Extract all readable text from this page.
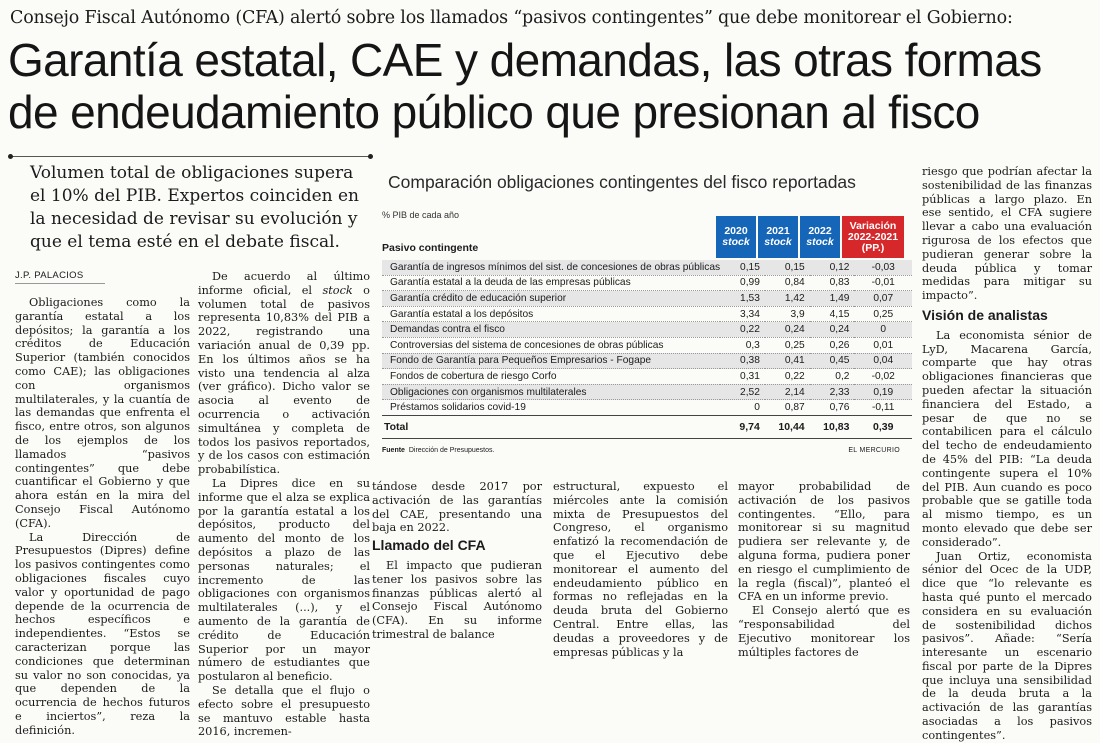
Consejo Fiscal Autónomo (CFA) alertó sobre los llamados “pasivos contingentes” que debe monitorear el Gobierno:
Garantía estatal, CAE y demandas, las otras formas
de endeudamiento público que presionan al fisco
Volumen total de obligaciones supera el 10% del PIB. Expertos coinciden en la necesidad de revisar su evolución y que el tema esté en el debate fiscal.
J.P. PALACIOS

Obligaciones como la garantía estatal a los depósitos; la garantía a los créditos de Educación Superior (también conocidos como CAE); las obligaciones con organismos multilaterales, y la cuantía de las demandas que enfrenta el fisco, entre otros, son algunos de los ejemplos de los llamados “pasivos contingentes” que debe cuantificar el Gobierno y que ahora están en la mira del Consejo Fiscal Autónomo (CFA).

La Dirección de Presupuestos (Dipres) define los pasivos contingentes como obligaciones fiscales cuyo valor y oportunidad de pago depende de la ocurrencia de hechos específicos e independientes. “Estos se caracterizan porque las condiciones que determinan su valor no son conocidas, ya que dependen de la ocurrencia de hechos futuros e inciertos”, reza la definición.

De acuerdo al último informe oficial, el stock o volumen total de pasivos representa 10,83% del PIB a 2022, registrando una variación anual de 0,39 pp. En los últimos años se ha visto una tendencia al alza (ver gráfico). Dicho valor se asocia al evento de ocurrencia o activación simultánea y completa de todos los pasivos reportados, y de los casos con estimación probabilística.

La Dipres dice en su informe que el alza se explica por la garantía estatal a los depósitos, producto del aumento del monto de los depósitos a plazo de las personas naturales; el incremento de las obligaciones con organismos multilaterales (...), y el aumento de la garantía de crédito de Educación Superior por un mayor número de estudiantes que postularon al beneficio.

Se detalla que el flujo o efecto sobre el presupuesto se mantuvo estable hasta 2016, incremen-

Comparación obligaciones contingentes del fisco reportadas
% PIB de cada año
Pasivo contingente
2020
stock
2021
stock
2022
stock
Variación 2022-2021
(PP.)
Garantía de ingresos mínimos del sist. de concesiones de obras públicas	0,15	0,15	0,12	-0,03
Garantía estatal a la deuda de las empresas públicas	0,99	0,84	0,83	-0,01
Garantía crédito de educación superior	1,53	1,42	1,49	0,07
Garantía estatal a los depósitos	3,34	3,9	4,15	0,25
Demandas contra el fisco	0,22	0,24	0,24	0
Controversias del sistema de concesiones de obras públicas	0,3	0,25	0,26	0,01
Fondo de Garantía para Pequeños Empresarios - Fogape	0,38	0,41	0,45	0,04
Fondos de cobertura de riesgo Corfo	0,31	0,22	0,2	-0,02
Obligaciones con organismos multilaterales	2,52	2,14	2,33	0,19
Préstamos solidarios covid-19	0	0,87	0,76	-0,11
Total	9,74	10,44	10,83	0,39
Fuente Dirección de Presupuestos.	EL MERCURIO

tándose desde 2017 por activación de las garantías del CAE, presentando una baja en 2022.

Llamado del CFA

El impacto que pudieran tener los pasivos sobre las finanzas públicas alertó al Consejo Fiscal Autónomo (CFA). En su informe trimestral de balance

estructural, expuesto el miércoles ante la comisión mixta de Presupuestos del Congreso, el organismo enfatizó la recomendación de que el Ejecutivo debe monitorear el aumento del endeudamiento público en formas no reflejadas en la deuda bruta del Gobierno Central. Entre ellas, las deudas a proveedores y de empresas públicas y la

mayor probabilidad de activación de los pasivos contingentes. “Ello, para monitorear si su magnitud pudiera ser relevante y, de alguna forma, pudiera poner en riesgo el cumplimiento de la regla (fiscal)”, planteó el CFA en un informe previo.

El Consejo alertó que es “responsabilidad del Ejecutivo monitorear los múltiples factores de

riesgo que podrían afectar la sostenibilidad de las finanzas públicas a largo plazo. En ese sentido, el CFA sugiere llevar a cabo una evaluación rigurosa de los efectos que pudieran generar sobre la deuda pública y tomar medidas para mitigar su impacto”.

Visión de analistas

La economista sénior de LyD, Macarena García, comparte que hay otras obligaciones financieras que pueden afectar la situación financiera del Estado, a pesar de que no se contabilicen para el cálculo del techo de endeudamiento de 45% del PIB: “La deuda contingente supera el 10% del PIB. Aun cuando es poco probable que se gatille toda al mismo tiempo, es un monto elevado que debe ser considerado”.

Juan Ortiz, economista sénior del Ocec de la UDP, dice que “lo relevante es hasta qué punto el mercado considera en su evaluación de sostenibilidad dichos pasivos”. Añade: “Sería interesante un escenario fiscal por parte de la Dipres que incluya una sensibilidad de la deuda bruta a la activación de las garantías asociadas a los pasivos contingentes”.
